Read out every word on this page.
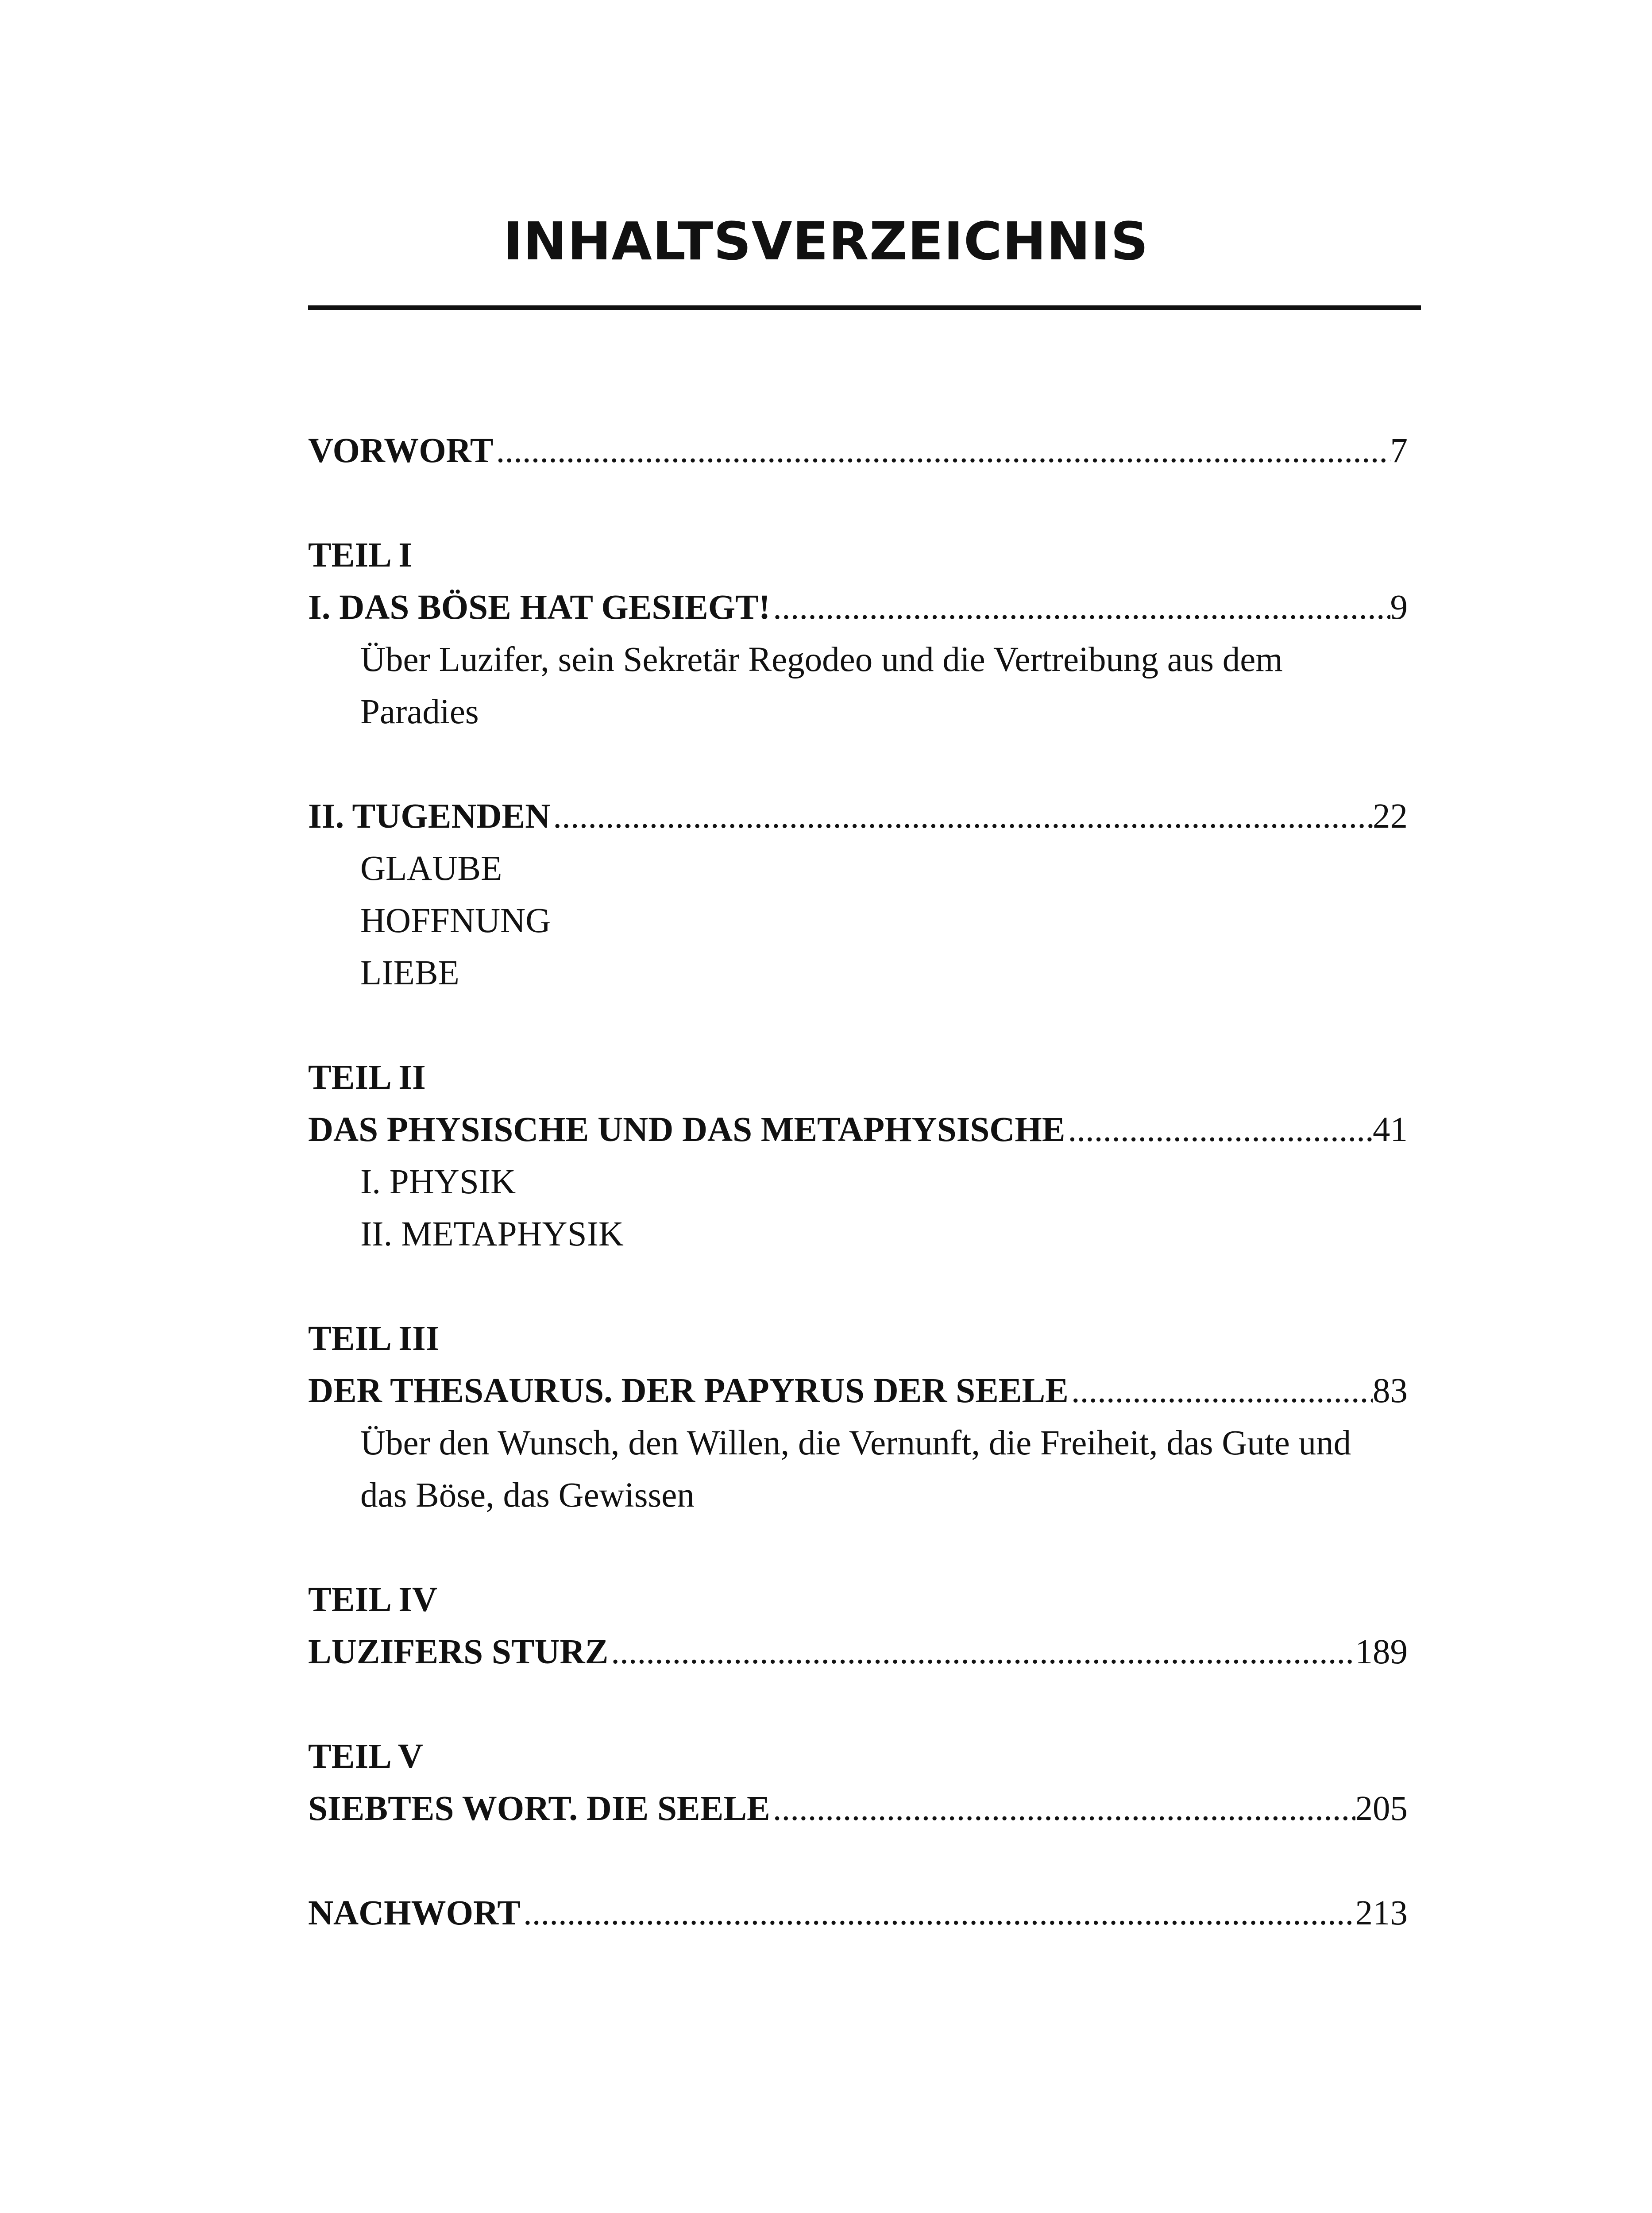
INHALTSVERZEICHNIS
VORWORT .....	7
TEIL I
I. DAS BÖSE HAT GESIEGT! .....	9
Über Luzifer, sein Sekretär Regodeo und die Vertreibung aus dem Paradies
II. TUGENDEN .....	22
GLAUBE
HOFFNUNG
LIEBE
TEIL II
DAS PHYSISCHE UND DAS METAPHYSISCHE .....	41
I. PHYSIK
II. METAPHYSIK
TEIL III
DER THESAURUS. DER PAPYRUS DER SEELE .....	83
Über den Wunsch, den Willen, die Vernunft, die Freiheit, das Gute und das Böse, das Gewissen
TEIL IV
LUZIFERS STURZ .....	189
TEIL V
SIEBTES WORT. DIE SEELE .....	205
NACHWORT .....	213
